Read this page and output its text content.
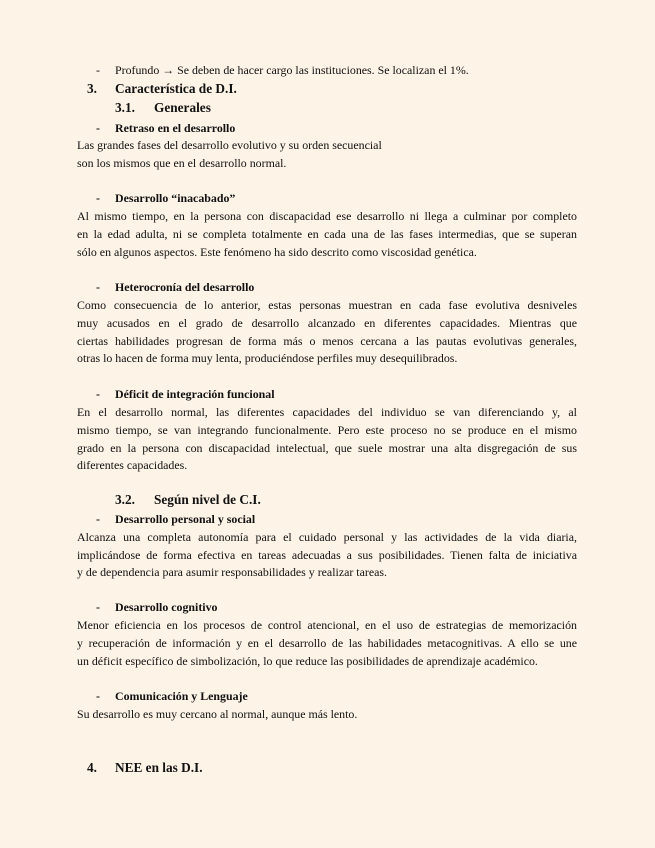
- Profundo → Se deben de hacer cargo las instituciones. Se localizan el 1%.
3. Característica de D.I.
3.1. Generales
- Retraso en el desarrollo
Las grandes fases del desarrollo evolutivo y su orden secuencial
son los mismos que en el desarrollo normal.
- Desarrollo “inacabado”
Al mismo tiempo, en la persona con discapacidad ese desarrollo ni llega a culminar por completo
en la edad adulta, ni se completa totalmente en cada una de las fases intermedias, que se superan
sólo en algunos aspectos. Este fenómeno ha sido descrito como viscosidad genética.
- Heterocronía del desarrollo
Como consecuencia de lo anterior, estas personas muestran en cada fase evolutiva desniveles
muy acusados en el grado de desarrollo alcanzado en diferentes capacidades. Mientras que
ciertas habilidades progresan de forma más o menos cercana a las pautas evolutivas generales,
otras lo hacen de forma muy lenta, produciéndose perfiles muy desequilibrados.
- Déficit de integración funcional
En el desarrollo normal, las diferentes capacidades del individuo se van diferenciando y, al
mismo tiempo, se van integrando funcionalmente. Pero este proceso no se produce en el mismo
grado en la persona con discapacidad intelectual, que suele mostrar una alta disgregación de sus
diferentes capacidades.
3.2. Según nivel de C.I.
- Desarrollo personal y social
Alcanza una completa autonomía para el cuidado personal y las actividades de la vida diaria,
implicándose de forma efectiva en tareas adecuadas a sus posibilidades. Tienen falta de iniciativa
y de dependencia para asumir responsabilidades y realizar tareas.
- Desarrollo cognitivo
Menor eficiencia en los procesos de control atencional, en el uso de estrategias de memorización
y recuperación de información y en el desarrollo de las habilidades metacognitivas. A ello se une
un déficit específico de simbolización, lo que reduce las posibilidades de aprendizaje académico.
- Comunicación y Lenguaje
Su desarrollo es muy cercano al normal, aunque más lento.
4. NEE en las D.I.
